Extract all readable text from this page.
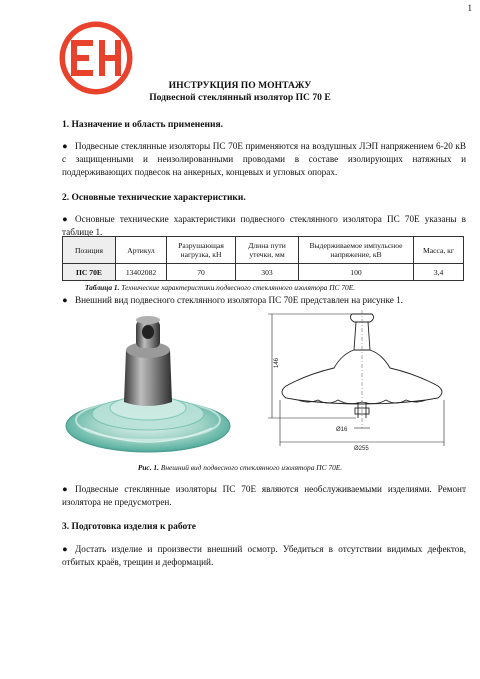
1
ИНСТРУКЦИЯ ПО МОНТАЖУ
Подвесной стеклянный изолятор ПС 70 Е
1. Назначение и область применения.
● Подвесные стеклянные изоляторы ПС 70Е применяются на воздушных ЛЭП напряжением 6-20 кВ с защищенными и неизолированными проводами в составе изолирующих натяжных и поддерживающих подвесок на анкерных, концевых и угловых опорах.
2. Основные технические характеристики.
● Основные технические характеристики подвесного стеклянного изолятора ПС 70Е указаны в таблице 1.
Позиция	Артикул	Разрушающая нагрузка, кН	Длина пути утечки, мм	Выдерживаемое импульсное напряжение, кВ	Масса, кг
ПС 70Е	13402082	70	303	100	3,4
Таблица 1. Технические характеристики подвесного стеклянного изолятора ПС 70Е.
● Внешний вид подвесного стеклянного изолятора ПС 70Е представлен на рисунке 1.
146
Ø16
Ø255
Рис. 1. Внешний вид подвесного стеклянного изолятора ПС 70Е.
● Подвесные стеклянные изоляторы ПС 70Е являются необслуживаемыми изделиями. Ремонт изолятора не предусмотрен.
3. Подготовка изделия к работе
● Достать изделие и произвести внешний осмотр. Убедиться в отсутствии видимых дефектов, отбитых краёв, трещин и деформаций.
